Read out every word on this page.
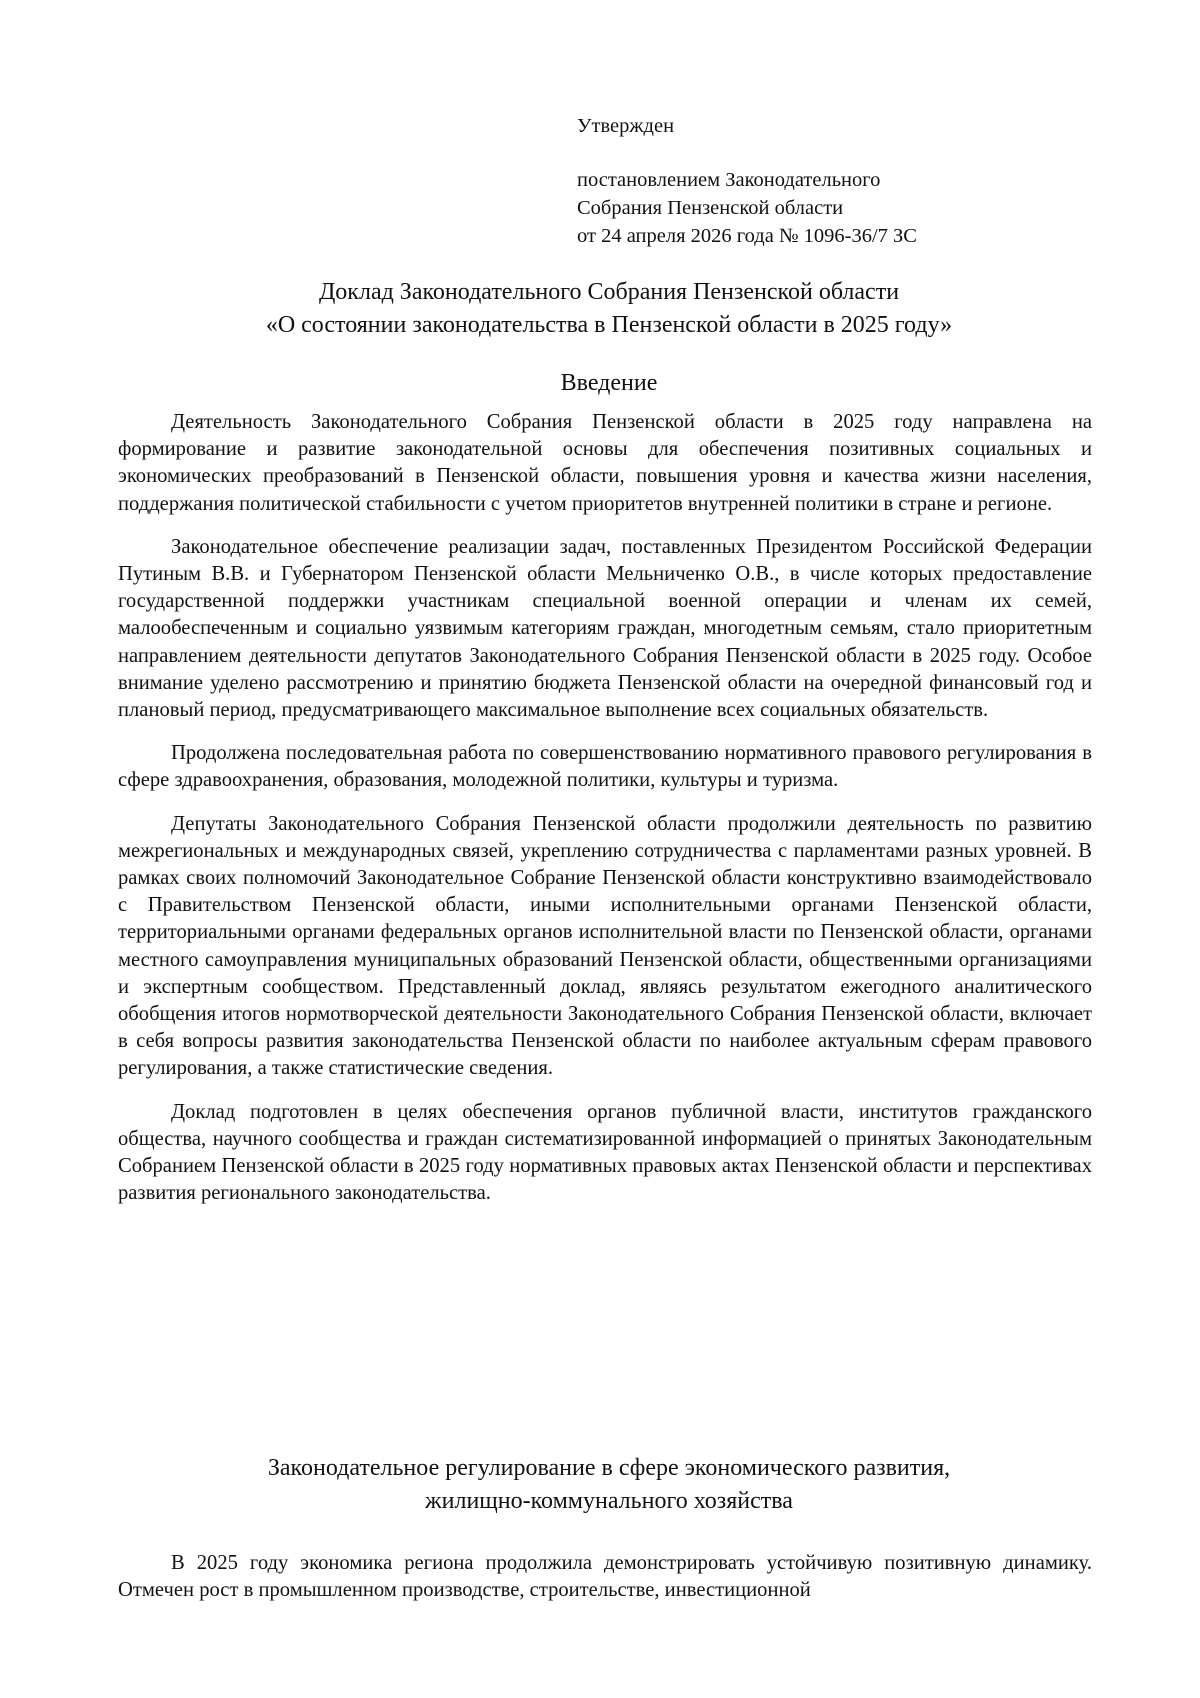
Утвержден

постановлением Законодательного

Собрания Пензенской области

от 24 апреля 2026 года № 1096-36/7 ЗС

Доклад Законодательного Собрания Пензенской области
«О состоянии законодательства в Пензенской области в 2025 году»
Введение

Деятельность Законодательного Собрания Пензенской области в 2025 году направлена на формирование и развитие законодательной основы для обеспечения позитивных социальных и экономических преобразований в Пензенской области, повышения уровня и качества жизни населения, поддержания политической стабильности с учетом приоритетов внутренней политики в стране и регионе.

Законодательное обеспечение реализации задач, поставленных Президентом Российской Федерации Путиным В.В. и Губернатором Пензенской области Мельниченко О.В., в числе которых предоставление государственной поддержки участникам специальной военной операции и членам их семей, малообеспеченным и социально уязвимым категориям граждан, многодетным семьям, стало приоритетным направлением деятельности депутатов Законодательного Собрания Пензенской области в 2025 году. Особое внимание уделено рассмотрению и принятию бюджета Пензенской области на очередной финансовый год и плановый период, предусматривающего максимальное выполнение всех социальных обязательств.

Продолжена последовательная работа по совершенствованию нормативного правового регулирования в сфере здравоохранения, образования, молодежной политики, культуры и туризма.

Депутаты Законодательного Собрания Пензенской области продолжили деятельность по развитию межрегиональных и международных связей, укреплению сотрудничества с парламентами разных уровней. В рамках своих полномочий Законодательное Собрание Пензенской области конструктивно взаимодействовало с Правительством Пензенской области, иными исполнительными органами Пензенской области, территориальными органами федеральных органов исполнительной власти по Пензенской области, органами местного самоуправления муниципальных образований Пензенской области, общественными организациями и экспертным сообществом. Представленный доклад, являясь результатом ежегодного аналитического обобщения итогов нормотворческой деятельности Законодательного Собрания Пензенской области, включает в себя вопросы развития законодательства Пензенской области по наиболее актуальным сферам правового регулирования, а также статистические сведения.

Доклад подготовлен в целях обеспечения органов публичной власти, институтов гражданского общества, научного сообщества и граждан систематизированной информацией о принятых Законодательным Собранием Пензенской области в 2025 году нормативных правовых актах Пензенской области и перспективах развития регионального законодательства.

Законодательное регулирование в сфере экономического развития,
жилищно-коммунального хозяйства

В 2025 году экономика региона продолжила демонстрировать устойчивую позитивную динамику. Отмечен рост в промышленном производстве, строительстве, инвестиционной
